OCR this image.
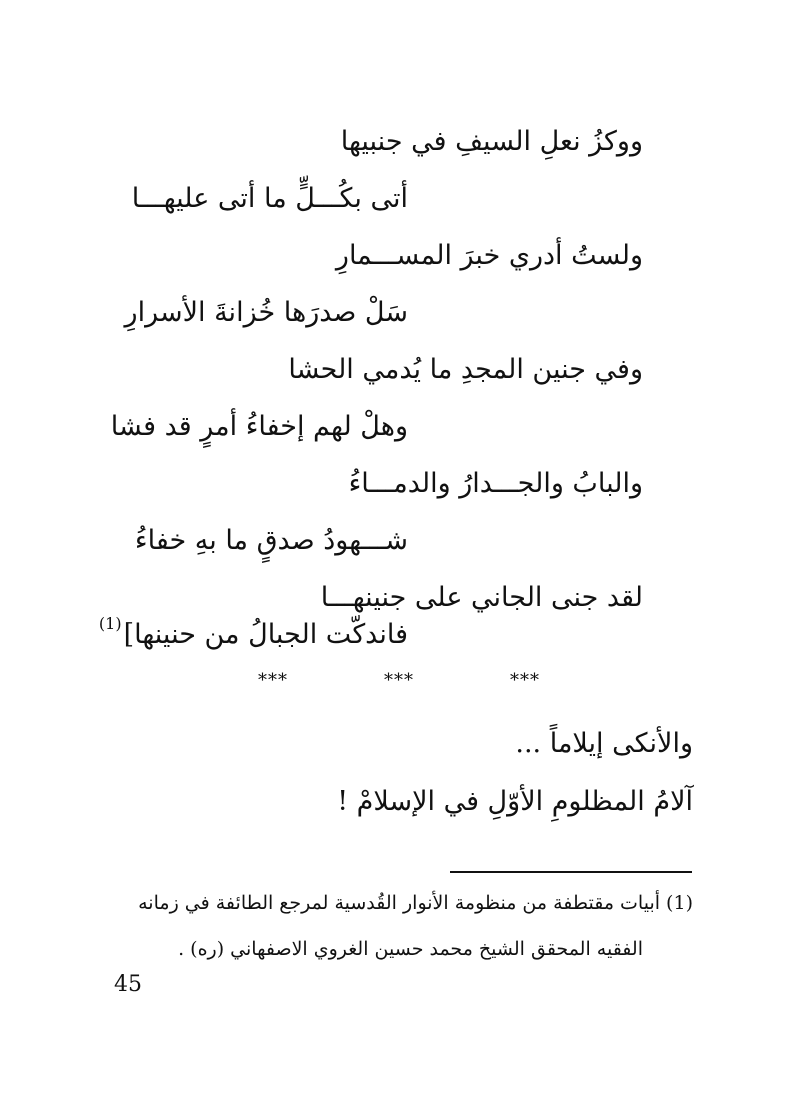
ووكزُ نعلِ السيفِ في جنبيها
أتى بكُـــلٍّ ما أتى عليهـــا
ولستُ أدري خبرَ المســـمارِ
سَلْ صدرَها خُزانةَ الأسرارِ
وفي جنين المجدِ ما يُدمي الحشا
وهلْ لهم إخفاءُ أمرٍ قد فشا
والبابُ والجـــدارُ والدمـــاءُ
شـــهودُ صدقٍ ما بهِ خفاءُ
لقد جنى الجاني على جنينهـــا
فاندكّت الجبالُ من حنينها]$^{(1)}$
***
***
***
والأنكى إيلاماً ...
آلامُ المظلومِ الأوّلِ في الإسلامْ !
(1) أبيات مقتطفة من منظومة الأنوار القُدسية لمرجع الطائفة في زمانه
الفقيه المحقق الشيخ محمد حسين الغروي الاصفهاني (ره) .
45
